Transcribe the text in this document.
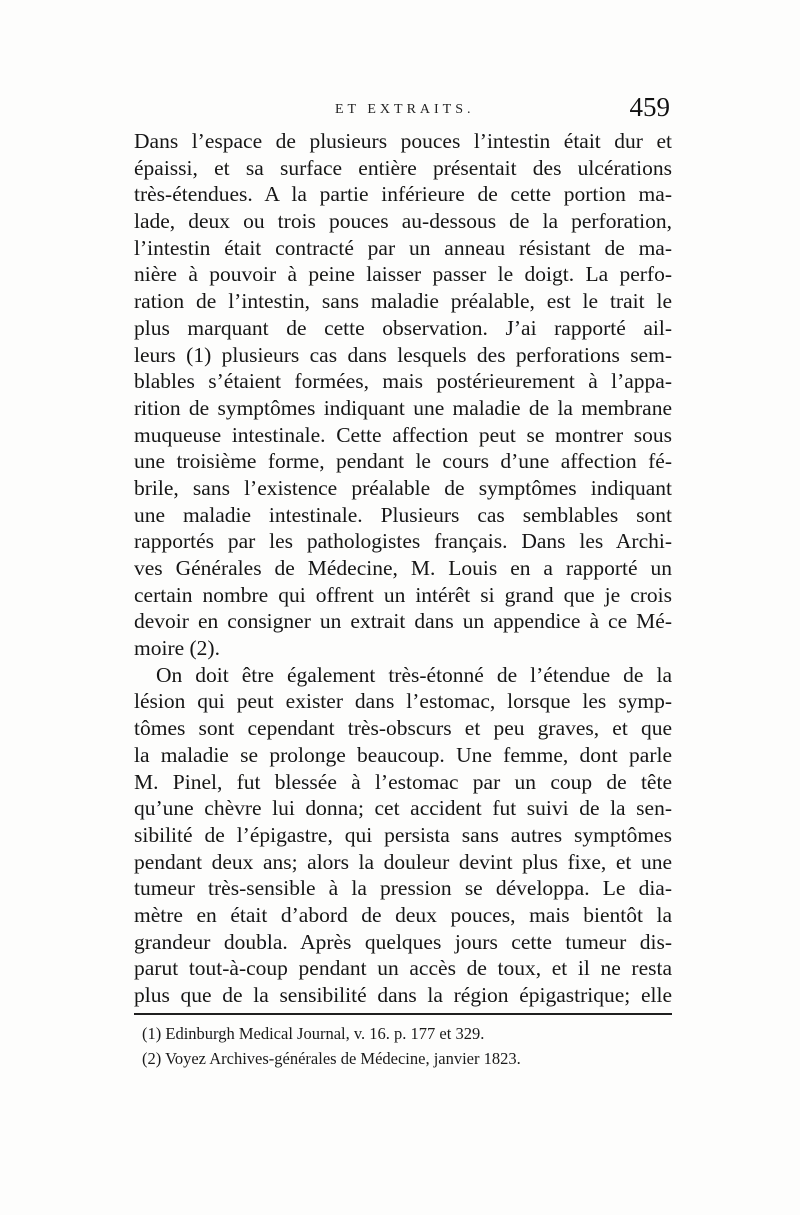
ET EXTRAITS.	459
Dans l’espace de plusieurs pouces l’intestin était dur et
épaissi, et sa surface entière présentait des ulcérations
très-étendues. A la partie inférieure de cette portion ma-
lade, deux ou trois pouces au-dessous de la perforation,
l’intestin était contracté par un anneau résistant de ma-
nière à pouvoir à peine laisser passer le doigt. La perfo-
ration de l’intestin, sans maladie préalable, est le trait le
plus marquant de cette observation. J’ai rapporté ail-
leurs (1) plusieurs cas dans lesquels des perforations sem-
blables s’étaient formées, mais postérieurement à l’appa-
rition de symptômes indiquant une maladie de la membrane
muqueuse intestinale. Cette affection peut se montrer sous
une troisième forme, pendant le cours d’une affection fé-
brile, sans l’existence préalable de symptômes indiquant
une maladie intestinale. Plusieurs cas semblables sont
rapportés par les pathologistes français. Dans les Archi-
ves Générales de Médecine, M. Louis en a rapporté un
certain nombre qui offrent un intérêt si grand que je crois
devoir en consigner un extrait dans un appendice à ce Mé-
moire (2).
On doit être également très-étonné de l’étendue de la
lésion qui peut exister dans l’estomac, lorsque les symp-
tômes sont cependant très-obscurs et peu graves, et que
la maladie se prolonge beaucoup. Une femme, dont parle
M. Pinel, fut blessée à l’estomac par un coup de tête
qu’une chèvre lui donna; cet accident fut suivi de la sen-
sibilité de l’épigastre, qui persista sans autres symptômes
pendant deux ans; alors la douleur devint plus fixe, et une
tumeur très-sensible à la pression se développa. Le dia-
mètre en était d’abord de deux pouces, mais bientôt la
grandeur doubla. Après quelques jours cette tumeur dis-
parut tout-à-coup pendant un accès de toux, et il ne resta
plus que de la sensibilité dans la région épigastrique; elle
(1) Edinburgh Medical Journal, v. 16. p. 177 et 329.
(2) Voyez Archives-générales de Médecine, janvier 1823.
